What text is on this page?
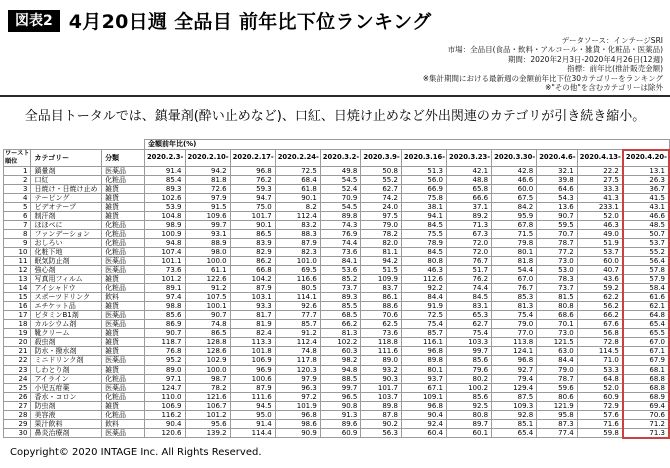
図表2 4月20日週 全品目 前年比下位ランキング
データソース：インテージSRI
市場：全品目(食品・飲料・アルコール・雑貨・化粧品・医薬品)
期間：2020年2月3日-2020年4月26日(12週)
指標：前年比(推計販売金額)
※集計期間における最新週の金額前年比下位30カテゴリーをランキング
※"その他"を含むカテゴリーは除外
全品目トータルでは、鎮暈剤(酔い止めなど)、口紅、日焼け止めなど外出関連のカテゴリが引き続き縮小。
			金額前年比(%)											
ワースト
順位	カテゴリー	分類	2020.2.3-	2020.2.10-	2020.2.17-	2020.2.24-	2020.3.2-	2020.3.9-	2020.3.16-	2020.3.23-	2020.3.30-	2020.4.6-	2020.4.13-	2020.4.20-
1	鎮暈剤	医薬品	91.4	94.2	96.8	72.5	49.8	50.8	51.3	42.1	42.8	32.1	22.2	13.1
2	口紅	化粧品	85.4	81.8	76.2	68.4	54.5	55.2	56.0	48.8	46.6	39.8	27.5	26.3
3	日焼け・日焼け止め	雑貨	89.3	72.6	59.3	61.8	52.4	62.7	66.9	65.8	60.0	64.6	33.3	36.7
4	テーピング	雑貨	102.6	97.9	94.7	90.1	70.9	74.2	75.8	66.6	67.5	54.3	41.3	41.5
5	ビデオテープ	雑貨	53.9	91.5	75.0	8.2	54.5	24.0	38.1	37.1	84.2	13.6	233.1	43.1
6	制汗剤	雑貨	104.8	109.6	101.7	112.4	89.8	97.5	94.1	89.2	95.9	90.7	52.0	46.6
7	ほほべに	化粧品	98.9	99.7	90.1	83.2	74.3	79.0	84.5	71.3	67.8	59.5	46.3	48.5
8	ファンデーション	化粧品	100.9	93.1	86.5	88.3	76.9	78.2	75.5	67.3	71.5	70.7	49.0	50.7
9	おしろい	化粧品	94.8	88.9	83.9	87.9	74.4	82.0	78.9	72.0	79.8	78.7	51.9	53.7
10	化粧下地	化粧品	107.4	98.0	82.9	82.3	73.6	81.1	84.5	72.0	80.1	77.2	53.7	55.2
11	眠気防止剤	医薬品	101.1	100.0	86.2	101.0	84.1	94.2	80.8	76.7	81.8	73.0	60.0	56.4
12	強心剤	医薬品	73.6	61.1	66.8	69.5	53.6	51.5	46.3	51.7	54.4	53.0	40.7	57.8
13	写真用フィルム	雑貨	101.2	122.6	104.2	116.6	85.2	109.9	112.6	76.2	67.0	78.3	43.6	57.9
14	アイシャドウ	化粧品	89.1	91.2	87.9	80.5	73.7	83.7	92.2	74.4	76.7	73.7	59.2	58.4
15	スポーツドリンク	飲料	97.4	107.5	103.1	114.1	89.3	86.1	84.4	84.5	85.3	81.5	62.2	61.6
16	エチケット品	雑貨	98.8	100.1	93.3	92.6	85.5	88.6	91.9	83.1	81.3	80.8	56.2	62.1
17	ビタミンB1剤	医薬品	85.6	90.7	81.7	77.7	68.5	70.6	72.5	65.3	75.4	68.6	66.2	64.8
18	カルシウム剤	医薬品	86.9	74.8	81.9	85.7	66.2	62.5	75.4	62.7	79.0	70.1	67.6	65.4
19	靴クリーム	雑貨	90.7	86.5	82.4	91.2	81.3	73.6	85.7	75.4	77.0	73.0	56.8	65.5
20	殺虫剤	雑貨	118.7	128.8	113.3	112.4	102.2	118.8	116.1	103.3	113.8	121.5	72.8	67.0
21	防水・撥水剤	雑貨	76.8	128.6	101.8	74.8	60.3	111.6	96.8	99.7	124.1	63.0	114.5	67.1
22	ミニドリンク剤	医薬品	95.2	102.9	106.9	117.8	98.2	89.0	89.8	85.6	96.8	84.4	71.0	67.9
23	しわとり剤	雑貨	89.0	100.0	96.9	120.3	94.8	93.2	80.1	79.6	92.7	79.0	53.3	68.1
24	アイライン	化粧品	97.1	98.7	100.6	97.9	88.5	90.3	93.7	80.2	79.4	78.7	64.8	68.8
25	小児五疳薬	医薬品	124.7	78.2	87.9	96.3	99.7	101.7	67.1	100.2	129.4	59.6	52.0	68.8
26	香水・コロン	化粧品	110.0	121.6	111.6	97.2	96.5	103.7	109.1	85.6	87.5	80.6	60.9	68.9
27	防虫剤	雑貨	106.9	106.7	94.5	101.9	90.8	89.8	96.8	92.5	109.3	121.9	72.9	69.4
28	美容液	化粧品	116.2	101.2	95.0	96.8	91.3	87.8	90.4	80.8	92.8	95.8	57.6	70.6
29	果汁飲料	飲料	90.4	95.6	91.4	98.6	89.6	90.2	92.4	89.7	85.1	87.3	71.6	71.2
30	鼻炎治療剤	医薬品	120.6	139.2	114.4	90.9	60.9	56.3	60.4	60.1	65.4	77.4	59.8	71.3
Copyright© 2020 INTAGE Inc. All Rights Reserved.
